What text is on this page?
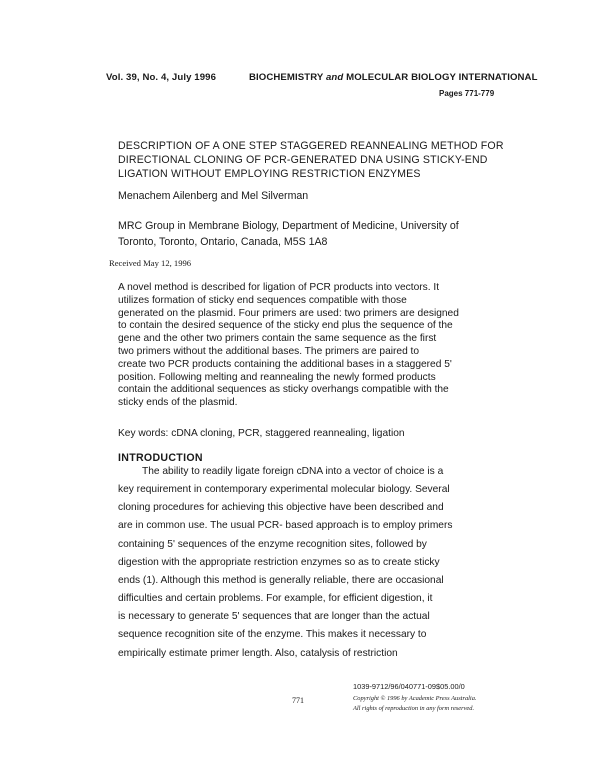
Vol. 39, No. 4, July 1996	BIOCHEMISTRY and MOLECULAR BIOLOGY INTERNATIONAL
Pages 771-779
DESCRIPTION OF A ONE STEP STAGGERED REANNEALING METHOD FOR
DIRECTIONAL CLONING OF PCR-GENERATED DNA USING STICKY-END
LIGATION WITHOUT EMPLOYING RESTRICTION ENZYMES
Menachem Ailenberg and Mel Silverman
MRC Group in Membrane Biology, Department of Medicine, University of
Toronto, Toronto, Ontario, Canada, M5S 1A8
Received May 12, 1996
A novel method is described for ligation of PCR products into vectors. It
utilizes formation of sticky end sequences compatible with those
generated on the plasmid. Four primers are used: two primers are designed
to contain the desired sequence of the sticky end plus the sequence of the
gene and the other two primers contain the same sequence as the first
two primers without the additional bases. The primers are paired to
create two PCR products containing the additional bases in a staggered 5'
position. Following melting and reannealing the newly formed products
contain the additional sequences as sticky overhangs compatible with the
sticky ends of the plasmid.
Key words: cDNA cloning, PCR, staggered reannealing, ligation
INTRODUCTION
The ability to readily ligate foreign cDNA into a vector of choice is a
key requirement in contemporary experimental molecular biology. Several
cloning procedures for achieving this objective have been described and
are in common use. The usual PCR- based approach is to employ primers
containing 5' sequences of the enzyme recognition sites, followed by
digestion with the appropriate restriction enzymes so as to create sticky
ends (1). Although this method is generally reliable, there are occasional
difficulties and certain problems. For example, for efficient digestion, it
is necessary to generate 5' sequences that are longer than the actual
sequence recognition site of the enzyme. This makes it necessary to
empirically estimate primer length. Also, catalysis of restriction
1039-9712/96/040771-09$05.00/0
771	Copyright © 1996 by Academic Press Australia.
All rights of reproduction in any form reserved.
